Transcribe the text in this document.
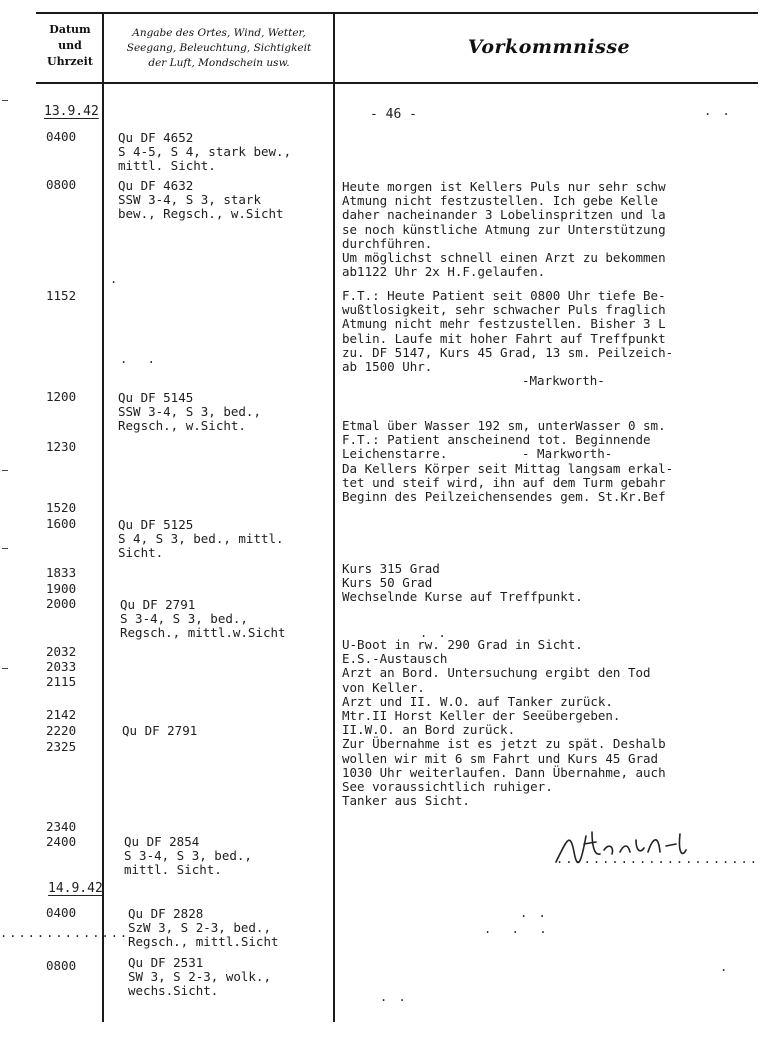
Datum
und
Uhrzeit
Angabe des Ortes, Wind, Wetter,
Seegang, Beleuchtung, Sichtigkeit
der Luft, Mondschein usw.
Vorkommnisse
- 46 -
13.9.42
14.9.42
0400
0800
1152
1200
1230
1520
1600
1833
1900
2000
2032
2033
2115
2142
2220
2325
2340
2400
0400
0800
Qu DF 4652
S 4-5, S 4, stark bew.,
mittl. Sicht.
Qu DF 4632
SSW 3-4, S 3, stark
bew., Regsch., w.Sicht
Qu DF 5145
SSW 3-4, S 3, bed.,
Regsch., w.Sicht.
Qu DF 5125
S 4, S 3, bed., mittl.
Sicht.
Qu DF 2791
S 3-4, S 3, bed.,
Regsch., mittl.w.Sicht
Qu DF 2791
Qu DF 2854
S 3-4, S 3, bed.,
mittl. Sicht.
Qu DF 2828
SzW 3, S 2-3, bed.,
Regsch., mittl.Sicht
Qu DF 2531
SW 3, S 2-3, wolk.,
wechs.Sicht.
Heute morgen ist Kellers Puls nur sehr schw
Atmung nicht festzustellen. Ich gebe Kelle
daher nacheinander 3 Lobelinspritzen und la
se noch künstliche Atmung zur Unterstützung
durchführen.
Um möglichst schnell einen Arzt zu bekommen
ab1122 Uhr 2x H.F.gelaufen.
F.T.: Heute Patient seit 0800 Uhr tiefe Be-
wußtlosigkeit, sehr schwacher Puls fraglich
Atmung nicht mehr festzustellen. Bisher 3 L
belin. Laufe mit hoher Fahrt auf Treffpunkt
zu. DF 5147, Kurs 45 Grad, 13 sm. Peilzeich-
ab 1500 Uhr.
-Markworth-
Etmal über Wasser 192 sm, unterWasser 0 sm.
F.T.: Patient anscheinend tot. Beginnende
Leichenstarre.	- Markworth-
Da Kellers Körper seit Mittag langsam erkal-
tet und steif wird, ihn auf dem Turm gebahr
Beginn des Peilzeichensendes gem. St.Kr.Bef
Kurs 315 Grad
Kurs 50 Grad
Wechselnde Kurse auf Treffpunkt.
U-Boot in rw. 290 Grad in Sicht.
E.S.-Austausch
Arzt an Bord. Untersuchung ergibt den Tod
von Keller.
Arzt und II. W.O. auf Tanker zurück.
Mtr.II Horst Keller der Seeübergeben.
II.W.O. an Bord zurück.
Zur Übernahme ist es jetzt zu spät. Deshalb
wollen wir mit 6 sm Fahrt und Kurs 45 Grad
1030 Uhr weiterlaufen. Dann Übernahme, auch
See voraussichtlich ruhiger.
Tanker aus Sicht.
......................
..............
. .
.  .
.
. .
. .
.  .  .
. .
.
